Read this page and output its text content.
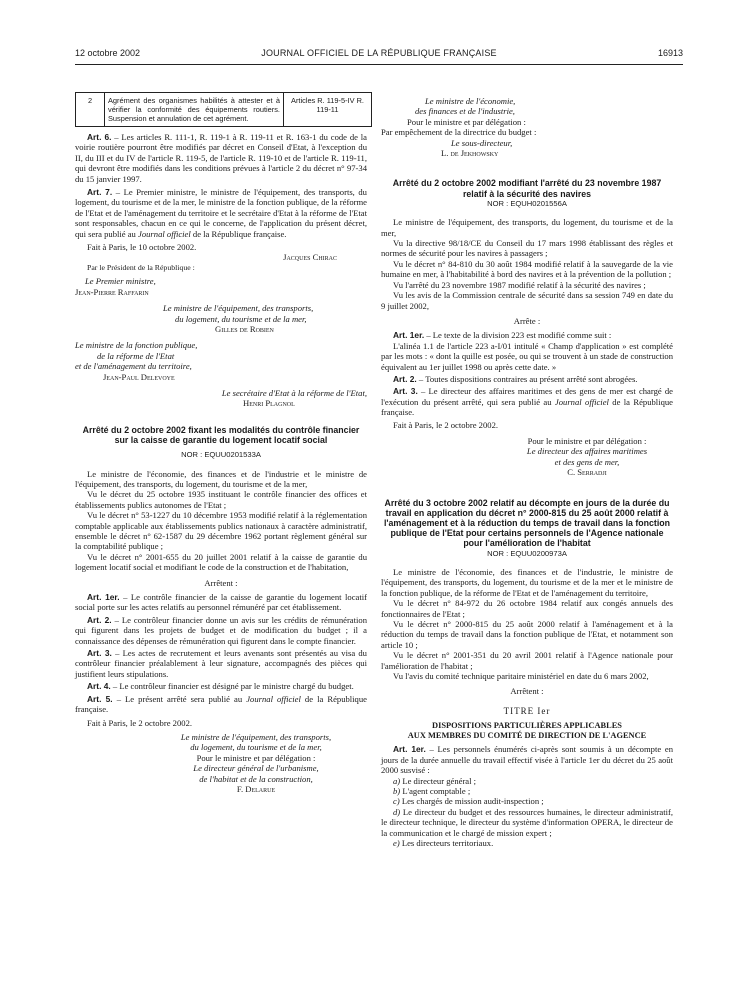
12 octobre 2002	JOURNAL OFFICIEL DE LA RÉPUBLIQUE FRANÇAISE	16913
2	Agrément des organismes habilités à attester et à vérifier la conformité des équipements routiers. Suspension et annulation de cet agrément.	Articles R. 119-5-IV R. 119-11

Art. 6. – Les articles R. 111-1, R. 119-1 à R. 119-11 et R. 163-1 du code de la voirie routière pourront être modifiés par décret en Conseil d'Etat, à l'exception du II, du III et du IV de l'article R. 119-5, de l'article R. 119-10 et de l'article R. 119-11, qui devront être modifiés dans les conditions prévues à l'article 2 du décret n° 97-34 du 15 janvier 1997.

Art. 7. – Le Premier ministre, le ministre de l'équipement, des transports, du logement, du tourisme et de la mer, le ministre de la fonction publique, de la réforme de l'Etat et de l'aménagement du territoire et le secrétaire d'Etat à la réforme de l'Etat sont responsables, chacun en ce qui le concerne, de l'application du présent décret, qui sera publié au Journal officiel de la République française.

Fait à Paris, le 10 octobre 2002.

Jacques Chirac

Par le Président de la République :

Le Premier ministre,

Jean-Pierre Raffarin

Le ministre de l'équipement, des transports,

du logement, du tourisme et de la mer,

Gilles de Robien

Le ministre de la fonction publique,

de la réforme de l'Etat

et de l'aménagement du territoire,

Jean-Paul Delevoye

Le secrétaire d'Etat à la réforme de l'Etat,

Henri Plagnol

Arrêté du 2 octobre 2002 fixant les modalités du contrôle financier sur la caisse de garantie du logement locatif social

NOR : EQUU0201533A

Le ministre de l'économie, des finances et de l'industrie et le ministre de l'équipement, des transports, du logement, du tourisme et de la mer,

Vu le décret du 25 octobre 1935 instituant le contrôle financier des offices et établissements publics autonomes de l'Etat ;

Vu le décret n° 53-1227 du 10 décembre 1953 modifié relatif à la réglementation comptable applicable aux établissements publics nationaux à caractère administratif, ensemble le décret n° 62-1587 du 29 décembre 1962 portant règlement général sur la comptabilité publique ;

Vu le décret n° 2001-655 du 20 juillet 2001 relatif à la caisse de garantie du logement locatif social et modifiant le code de la construction et de l'habitation,

Arrêtent :

Art. 1er. – Le contrôle financier de la caisse de garantie du logement locatif social porte sur les actes relatifs au personnel rémunéré par cet établissement.

Art. 2. – Le contrôleur financier donne un avis sur les crédits de rémunération qui figurent dans les projets de budget et de modification du budget ; il a connaissance des dépenses de rémunération qui figurent dans le compte financier.

Art. 3. – Les actes de recrutement et leurs avenants sont présentés au visa du contrôleur financier préalablement à leur signature, accompagnés des pièces qui justifient leurs stipulations.

Art. 4. – Le contrôleur financier est désigné par le ministre chargé du budget.

Art. 5. – Le présent arrêté sera publié au Journal officiel de la République française.

Fait à Paris, le 2 octobre 2002.

Le ministre de l'équipement, des transports,

du logement, du tourisme et de la mer,

Pour le ministre et par délégation :

Le directeur général de l'urbanisme,

de l'habitat et de la construction,

F. Delarue

Le ministre de l'économie,

des finances et de l'industrie,

Pour le ministre et par délégation :

Par empêchement de la directrice du budget :

Le sous-directeur,

L. de Jekhowsky

Arrêté du 2 octobre 2002 modifiant l'arrêté du 23 novembre 1987 relatif à la sécurité des navires

NOR : EQUH0201556A

Le ministre de l'équipement, des transports, du logement, du tourisme et de la mer,

Vu la directive 98/18/CE du Conseil du 17 mars 1998 établissant des règles et normes de sécurité pour les navires à passagers ;

Vu le décret n° 84-810 du 30 août 1984 modifié relatif à la sauvegarde de la vie humaine en mer, à l'habitabilité à bord des navires et à la prévention de la pollution ;

Vu l'arrêté du 23 novembre 1987 modifié relatif à la sécurité des navires ;

Vu les avis de la Commission centrale de sécurité dans sa session 749 en date du 9 juillet 2002,

Arrête :

Art. 1er. – Le texte de la division 223 est modifié comme suit :

L'alinéa 1.1 de l'article 223 a-I/01 intitulé « Champ d'application » est complété par les mots : « dont la quille est posée, ou qui se trouvent à un stade de construction équivalent au 1er juillet 1998 ou après cette date. »

Art. 2. – Toutes dispositions contraires au présent arrêté sont abrogées.

Art. 3. – Le directeur des affaires maritimes et des gens de mer est chargé de l'exécution du présent arrêté, qui sera publié au Journal officiel de la République française.

Fait à Paris, le 2 octobre 2002.

Pour le ministre et par délégation :

Le directeur des affaires maritimes

et des gens de mer,

C. Serradji

Arrêté du 3 octobre 2002 relatif au décompte en jours de la durée du travail en application du décret n° 2000-815 du 25 août 2000 relatif à l'aménagement et à la réduction du temps de travail dans la fonction publique de l'Etat pour certains personnels de l'Agence nationale pour l'amélioration de l'habitat

NOR : EQUU0200973A

Le ministre de l'économie, des finances et de l'industrie, le ministre de l'équipement, des transports, du logement, du tourisme et de la mer et le ministre de la fonction publique, de la réforme de l'Etat et de l'aménagement du territoire,

Vu le décret n° 84-972 du 26 octobre 1984 relatif aux congés annuels des fonctionnaires de l'Etat ;

Vu le décret n° 2000-815 du 25 août 2000 relatif à l'aménagement et à la réduction du temps de travail dans la fonction publique de l'Etat, et notamment son article 10 ;

Vu le décret n° 2001-351 du 20 avril 2001 relatif à l'Agence nationale pour l'amélioration de l'habitat ;

Vu l'avis du comité technique paritaire ministériel en date du 6 mars 2002,

Arrêtent :

TITRE Ier

DISPOSITIONS PARTICULIÈRES APPLICABLES

AUX MEMBRES DU COMITÉ DE DIRECTION DE L'AGENCE

Art. 1er. – Les personnels énumérés ci-après sont soumis à un décompte en jours de la durée annuelle du travail effectif visée à l'article 1er du décret du 25 août 2000 susvisé :

a) Le directeur général ;

b) L'agent comptable ;

c) Les chargés de mission audit-inspection ;

d) Le directeur du budget et des ressources humaines, le directeur administratif, le directeur technique, le directeur du système d'information OPERA, le directeur de la communication et le chargé de mission expert ;

e) Les directeurs territoriaux.
